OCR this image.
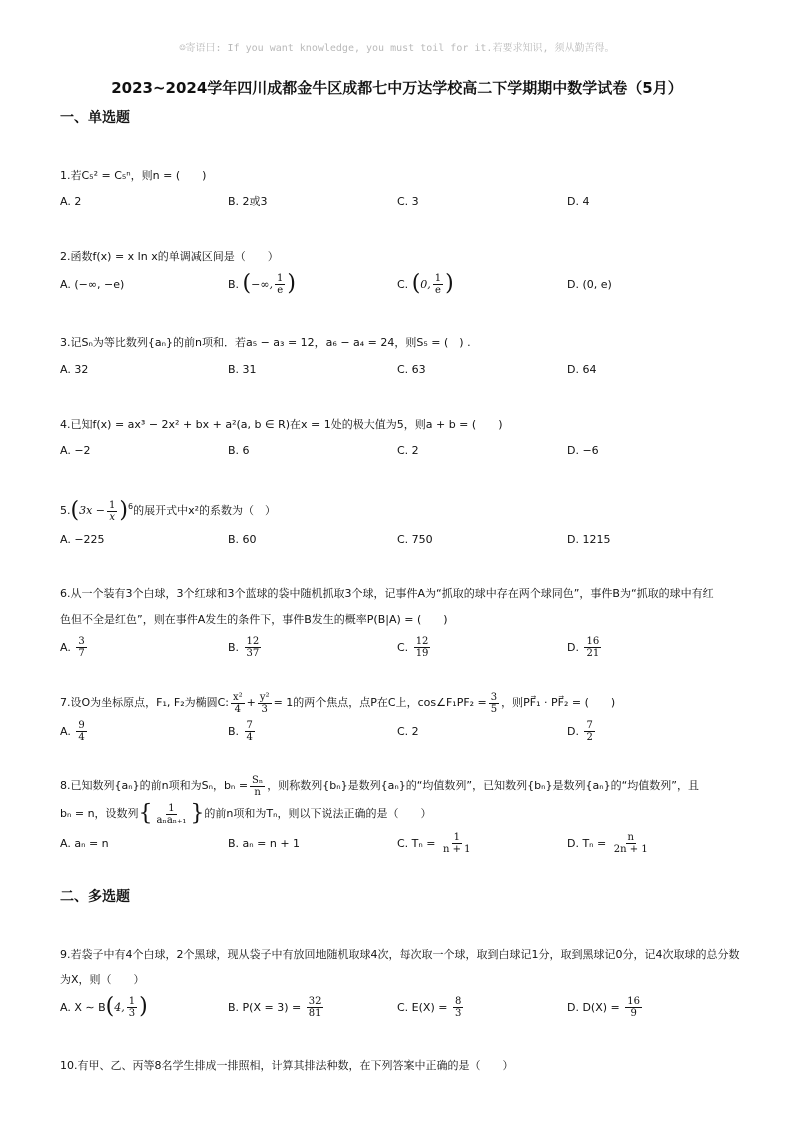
☺寄语曰: If you want knowledge, you must toil for it.若要求知识, 须从勤苦得。
2023~2024学年四川成都金牛区成都七中万达学校高二下学期期中数学试卷（5月）
一、单选题
1.若C₅² = C₅ⁿ，则n = (　　)
A. 2	B. 2或3	C. 3	D. 4
2.函数f(x) = x ln x的单调减区间是（　　）
A. (−∞, −e)	B.
( −∞, $\frac{1}{e}$ )	C.
( 0, $\frac{1}{e}$ )	D. (0, e)
3.记Sₙ为等比数列{aₙ}的前n项和．若a₅ − a₃ = 12，a₆ − a₄ = 24，则S₅ = (　) .
A. 32	B. 31	C. 63	D. 64
4.已知f(x) = ax³ − 2x² + bx + a²(a, b ∈ R)在x = 1处的极大值为5，则a + b = (　　)
A. −2	B. 6	C. 2	D. −6
5. ( $3x - \frac{1}{x} )^6$ 的展开式中x²的系数为（　）
A. −225	B. 60	C. 750	D. 1215
6.从一个装有3个白球，3个红球和3个蓝球的袋中随机抓取3个球，记事件A为“抓取的球中存在两个球同色”，事件B为“抓取的球中有红
色但不全是红色”，则在事件A发生的条件下，事件B发生的概率P(B|A) = (　　)
A.
$\frac{3}{7}$	B.
$\frac{12}{37}$	C.
$\frac{12}{19}$	D.
$\frac{16}{21}$
7.设O为坐标原点，F₁, F₂为椭圆C: $\frac{\text{x²}}{4} + \frac{\text{y²}}{3} = 1$的两个焦点，点P在C上，cos∠F₁PF₂ = $\frac{3}{5}$ ，则PF⃗₁ · PF⃗₂ = (　　)
A.
$\frac{9}{4}$	B.
$\frac{7}{4}$	C. 2	D.
$\frac{7}{2}$
8.已知数列{aₙ}的前n项和为Sₙ，$b_n = \frac{\text{Sₙ}}{n}$ ，则称数列{bₙ}是数列{aₙ}的“均值数列”，已知数列{bₙ}是数列{aₙ}的“均值数列”，且
bₙ = n，设数列 { $\frac{1}{\text{aₙaₙ₊₁}}$ } 的前n项和为Tₙ，则以下说法正确的是（　　）
A. aₙ = n	B. aₙ = n + 1	C. Tₙ =
$\frac{1}{n + 1}$	D. Tₙ =
$\frac{n}{2n + 1}$
二、多选题
9.若袋子中有4个白球，2个黑球，现从袋子中有放回地随机取球4次，每次取一个球，取到白球记1分，取到黑球记0分，记4次取球的总分数
为X，则（　　）
A. X ∼ B ( 4, $\frac{1}{3}$ )	B. P(X = 3) =
$\frac{32}{81}$	C. E(X) =
$\frac{8}{3}$	D. D(X) =
$\frac{16}{9}$
10.有甲、乙、丙等8名学生排成一排照相，计算其排法种数，在下列答案中正确的是（　　）
